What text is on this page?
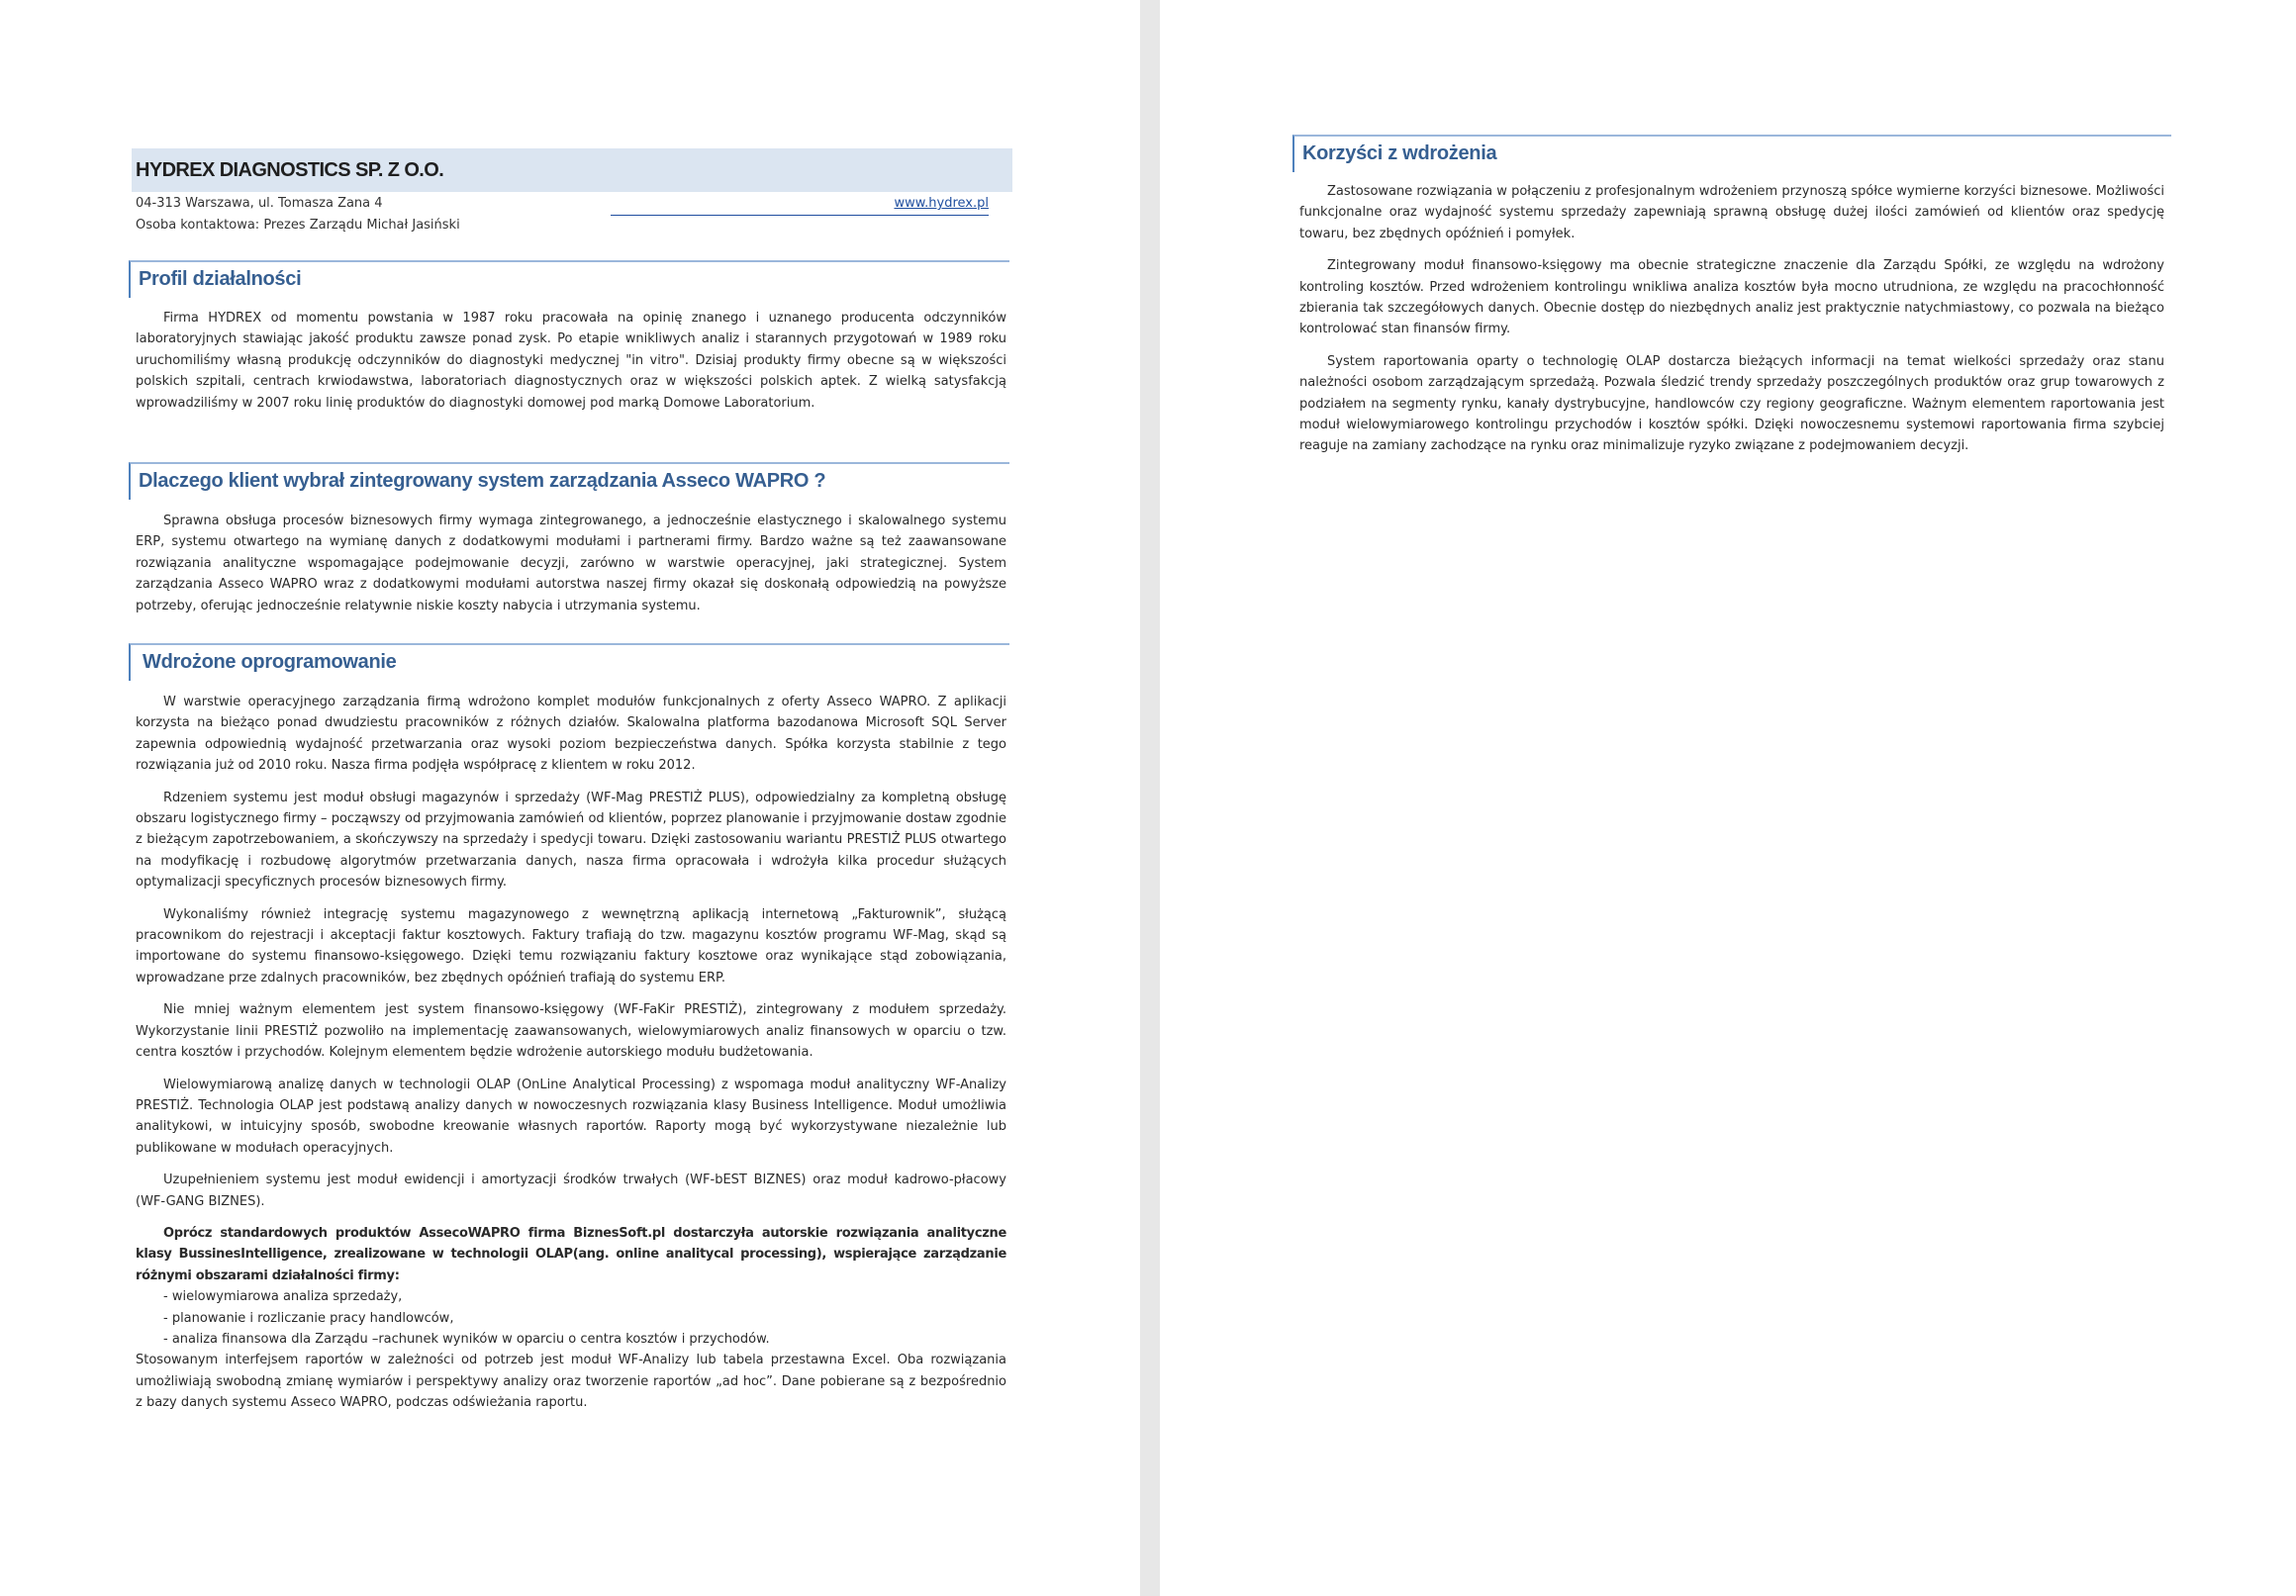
HYDREX DIAGNOSTICS SP. Z O.O.
04-313 Warszawa, ul. Tomasza Zana 4	www.hydrex.pl
Osoba kontaktowa: Prezes Zarządu Michał Jasiński
Profil działalności

Firma HYDREX od momentu powstania w 1987 roku pracowała na opinię znanego i uznanego producenta odczynników laboratoryjnych stawiając jakość produktu zawsze ponad zysk. Po etapie wnikliwych analiz i starannych przygotowań w 1989 roku uruchomiliśmy własną produkcję odczynników do diagnostyki medycznej "in vitro". Dzisiaj produkty firmy obecne są w większości polskich szpitali, centrach krwiodawstwa, laboratoriach diagnostycznych oraz w większości polskich aptek. Z wielką satysfakcją wprowadziliśmy w 2007 roku linię produktów do diagnostyki domowej pod marką Domowe Laboratorium.

Dlaczego klient wybrał zintegrowany system zarządzania Asseco WAPRO ?

Sprawna obsługa procesów biznesowych firmy wymaga zintegrowanego, a jednocześnie elastycznego i skalowalnego systemu ERP, systemu otwartego na wymianę danych z dodatkowymi modułami i partnerami firmy. Bardzo ważne są też zaawansowane rozwiązania analityczne wspomagające podejmowanie decyzji, zarówno w warstwie operacyjnej, jaki strategicznej. System zarządzania Asseco WAPRO wraz z dodatkowymi modułami autorstwa naszej firmy okazał się doskonałą odpowiedzią na powyższe potrzeby, oferując jednocześnie relatywnie niskie koszty nabycia i utrzymania systemu.

Wdrożone oprogramowanie

W warstwie operacyjnego zarządzania firmą wdrożono komplet modułów funkcjonalnych z oferty Asseco WAPRO. Z aplikacji korzysta na bieżąco ponad dwudziestu pracowników z różnych działów. Skalowalna platforma bazodanowa Microsoft SQL Server zapewnia odpowiednią wydajność przetwarzania oraz wysoki poziom bezpieczeństwa danych. Spółka korzysta stabilnie z tego rozwiązania już od 2010 roku. Nasza firma podjęła współpracę z klientem w roku 2012.

Rdzeniem systemu jest moduł obsługi magazynów i sprzedaży (WF-Mag PRESTIŻ PLUS), odpowiedzialny za kompletną obsługę obszaru logistycznego firmy – począwszy od przyjmowania zamówień od klientów, poprzez planowanie i przyjmowanie dostaw zgodnie z bieżącym zapotrzebowaniem, a skończywszy na sprzedaży i spedycji towaru. Dzięki zastosowaniu wariantu PRESTIŻ PLUS otwartego na modyfikację i rozbudowę algorytmów przetwarzania danych, nasza firma opracowała i wdrożyła kilka procedur służących optymalizacji specyficznych procesów biznesowych firmy.

Wykonaliśmy również integrację systemu magazynowego z wewnętrzną aplikacją internetową „Fakturownik”, służącą pracownikom do rejestracji i akceptacji faktur kosztowych. Faktury trafiają do tzw. magazynu kosztów programu WF-Mag, skąd są importowane do systemu finansowo-księgowego. Dzięki temu rozwiązaniu faktury kosztowe oraz wynikające stąd zobowiązania, wprowadzane prze zdalnych pracowników, bez zbędnych opóźnień trafiają do systemu ERP.

Nie mniej ważnym elementem jest system finansowo-księgowy (WF-FaKir PRESTIŻ), zintegrowany z modułem sprzedaży. Wykorzystanie linii PRESTIŻ pozwoliło na implementację zaawansowanych, wielowymiarowych analiz finansowych w oparciu o tzw. centra kosztów i przychodów. Kolejnym elementem będzie wdrożenie autorskiego modułu budżetowania.

Wielowymiarową analizę danych w technologii OLAP (OnLine Analytical Processing) z wspomaga moduł analityczny WF-Analizy PRESTIŻ. Technologia OLAP jest podstawą analizy danych w nowoczesnych rozwiązania klasy Business Intelligence. Moduł umożliwia analitykowi, w intuicyjny sposób, swobodne kreowanie własnych raportów. Raporty mogą być wykorzystywane niezależnie lub publikowane w modułach operacyjnych.

Uzupełnieniem systemu jest moduł ewidencji i amortyzacji środków trwałych (WF-bEST BIZNES) oraz moduł kadrowo-płacowy (WF-GANG BIZNES).

Oprócz standardowych produktów AssecoWAPRO firma BiznesSoft.pl dostarczyła autorskie rozwiązania analityczne klasy BussinesIntelligence, zrealizowane w technologii OLAP(ang. online analitycal processing), wspierające zarządzanie różnymi obszarami działalności firmy:

- wielowymiarowa analiza sprzedaży,
- planowanie i rozliczanie pracy handlowców,
- analiza finansowa dla Zarządu –rachunek wyników w oparciu o centra kosztów i przychodów.

Stosowanym interfejsem raportów w zależności od potrzeb jest moduł WF-Analizy lub tabela przestawna Excel. Oba rozwiązania umożliwiają swobodną zmianę wymiarów i perspektywy analizy oraz tworzenie raportów „ad hoc”. Dane pobierane są z bezpośrednio z bazy danych systemu Asseco WAPRO, podczas odświeżania raportu.

Korzyści z wdrożenia

Zastosowane rozwiązania w połączeniu z profesjonalnym wdrożeniem przynoszą spółce wymierne korzyści biznesowe. Możliwości funkcjonalne oraz wydajność systemu sprzedaży zapewniają sprawną obsługę dużej ilości zamówień od klientów oraz spedycję towaru, bez zbędnych opóźnień i pomyłek.

Zintegrowany moduł finansowo-księgowy ma obecnie strategiczne znaczenie dla Zarządu Spółki, ze względu na wdrożony kontroling kosztów. Przed wdrożeniem kontrolingu wnikliwa analiza kosztów była mocno utrudniona, ze względu na pracochłonność zbierania tak szczegółowych danych. Obecnie dostęp do niezbędnych analiz jest praktycznie natychmiastowy, co pozwala na bieżąco kontrolować stan finansów firmy.

System raportowania oparty o technologię OLAP dostarcza bieżących informacji na temat wielkości sprzedaży oraz stanu należności osobom zarządzającym sprzedażą. Pozwala śledzić trendy sprzedaży poszczególnych produktów oraz grup towarowych z podziałem na segmenty rynku, kanały dystrybucyjne, handlowców czy regiony geograficzne. Ważnym elementem raportowania jest moduł wielowymiarowego kontrolingu przychodów i kosztów spółki. Dzięki nowoczesnemu systemowi raportowania firma szybciej reaguje na zamiany zachodzące na rynku oraz minimalizuje ryzyko związane z podejmowaniem decyzji.
